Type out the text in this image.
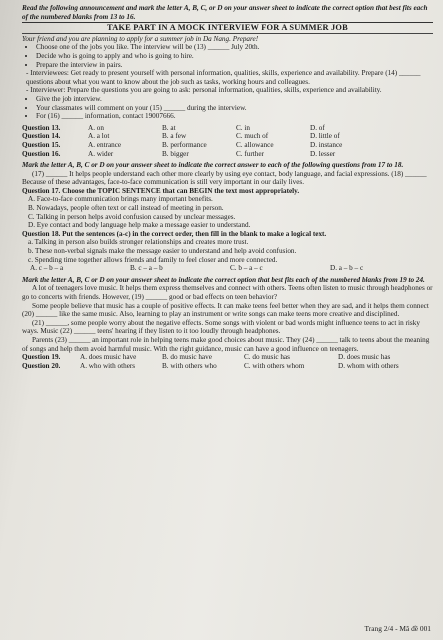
Read the following announcement and mark the letter A, B, C, or D on your answer sheet to indicate the correct option that best fits each of the numbered blanks from 13 to 16.

TAKE PART IN A MOCK INTERVIEW FOR A SUMMER JOB

Your friend and you are planning to apply for a summer job in Da Nang. Prepare!

• Choose one of the jobs you like. The interview will be (13) ______ July 20th.
• Decide who is going to apply and who is going to hire.
• Prepare the interview in pairs.

- Interviewees: Get ready to present yourself with personal information, qualities, skills, experience and availability. Prepare (14) ______ questions about what you want to know about the job such as tasks, working hours and colleagues.

- Interviewer: Prepare the questions you are going to ask: personal information, qualities, skills, experience and availability.

• Give the job interview.
• Your classmates will comment on your (15) ______ during the interview.
• For (16) ______ information, contact 19007666.
Question 13.	A. on	B. at	C. in	D. of
Question 14.	A. a lot	B. a few	C. much of	D. little of
Question 15.	A. entrance	B. performance	C. allowance	D. instance
Question 16.	A. wider	B. bigger	C. further	D. lesser

Mark the letter A, B, C or D on your answer sheet to indicate the correct answer to each of the following questions from 17 to 18.

(17) ______ It helps people understand each other more clearly by using eye contact, body language, and facial expressions. (18) ______ Because of these advantages, face-to-face communication is still very important in our daily lives.

Question 17. Choose the TOPIC SENTENCE that can BEGIN the text most appropriately.

A. Face-to-face communication brings many important benefits.

B. Nowadays, people often text or call instead of meeting in person.

C. Talking in person helps avoid confusion caused by unclear messages.

D. Eye contact and body language help make a message easier to understand.

Question 18. Put the sentences (a-c) in the correct order, then fill in the blank to make a logical text.

a. Talking in person also builds stronger relationships and creates more trust.

b. These non-verbal signals make the message easier to understand and help avoid confusion.

c. Spending time together allows friends and family to feel closer and more connected.

A. c – b – a	B. c – a – b	C. b – a – c	D. a – b – c

Mark the letter A, B, C or D on your answer sheet to indicate the correct option that best fits each of the numbered blanks from 19 to 24.

A lot of teenagers love music. It helps them express themselves and connect with others. Teens often listen to music through headphones or go to concerts with friends. However, (19) ______ good or bad effects on teen behavior?

Some people believe that music has a couple of positive effects. It can make teens feel better when they are sad, and it helps them connect (20) ______ like the same music. Also, learning to play an instrument or write songs can make teens more creative and disciplined.

(21) ______, some people worry about the negative effects. Some songs with violent or bad words might influence teens to act in risky ways. Music (22) ______ teens' hearing if they listen to it too loudly through headphones.

Parents (23) ______ an important role in helping teens make good choices about music. They (24) ______ talk to teens about the meaning of songs and help them avoid harmful music. With the right guidance, music can have a good influence on teenagers.

Question 19.	A. does music have	B. do music have	C. do music has	D. does music has
Question 20.	A. who with others	B. with others who	C. with others whom	D. whom with others
Trang 2/4 - Mã đề 001
